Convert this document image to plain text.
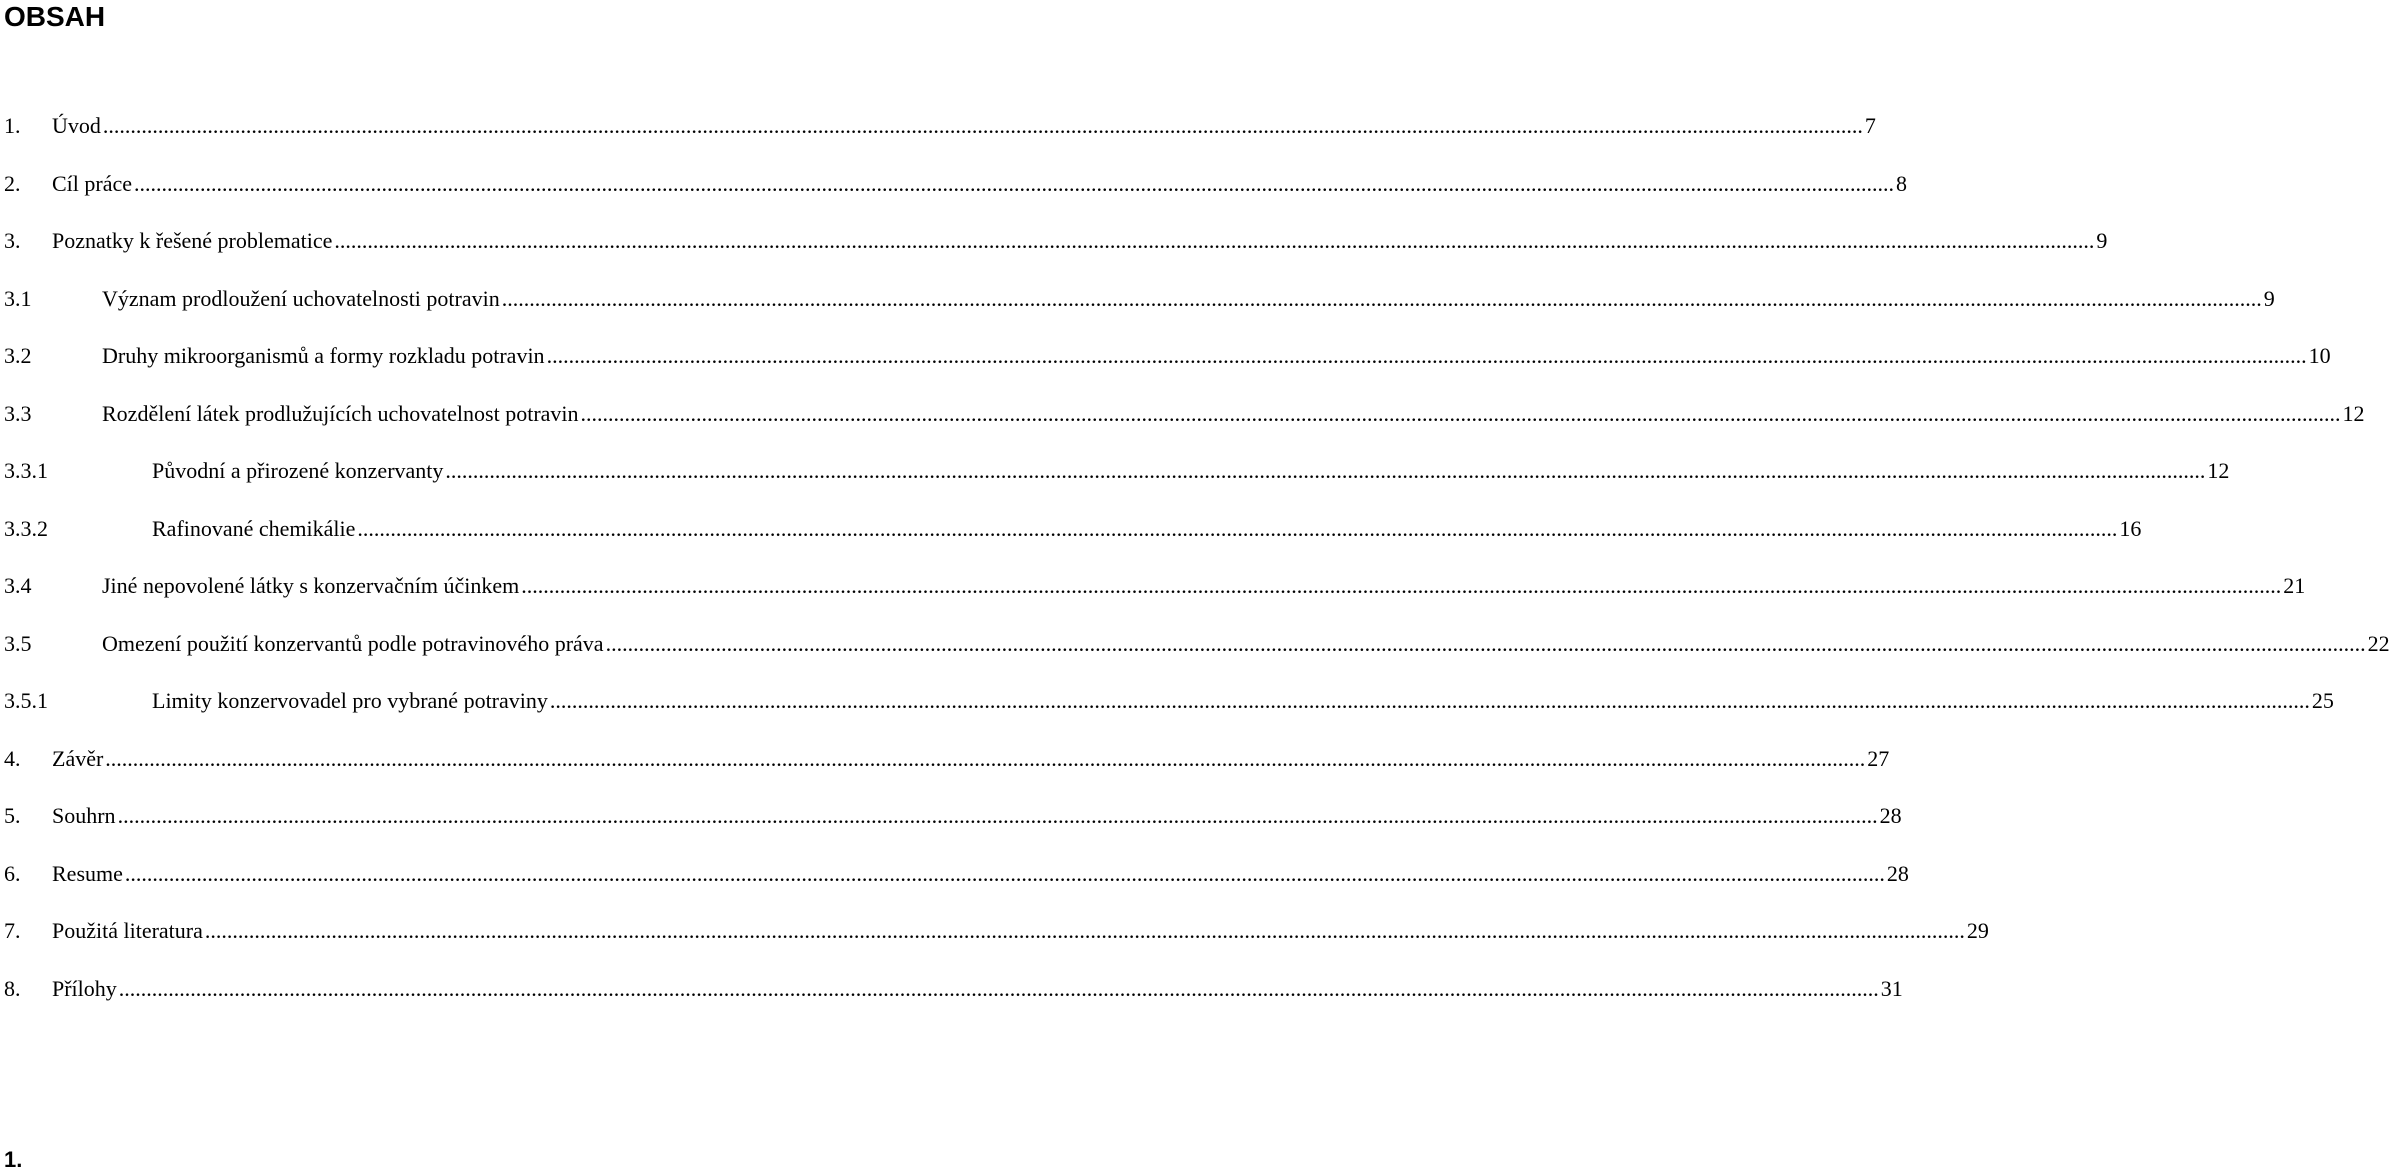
OBSAH
1.	Úvod .....	7
2.	Cíl práce .....	8
3.	Poznatky k řešené problematice .....	9
3.1	Význam prodloužení uchovatelnosti potravin .....	9
3.2	Druhy mikroorganismů a formy rozkladu potravin .....	10
3.3	Rozdělení látek prodlužujících uchovatelnost potravin .....	12
3.3.1	Původní a přirozené konzervanty .....	12
3.3.2	Rafinované chemikálie .....	16
3.4	Jiné nepovolené látky s konzervačním účinkem .....	21
3.5	Omezení použití konzervantů podle potravinového práva .....	22
3.5.1	Limity konzervovadel pro vybrané potraviny .....	25
4.	Závěr .....	27
5.	Souhrn .....	28
6.	Resume .....	28
7.	Použitá literatura .....	29
8.	Přílohy .....	31
1.
